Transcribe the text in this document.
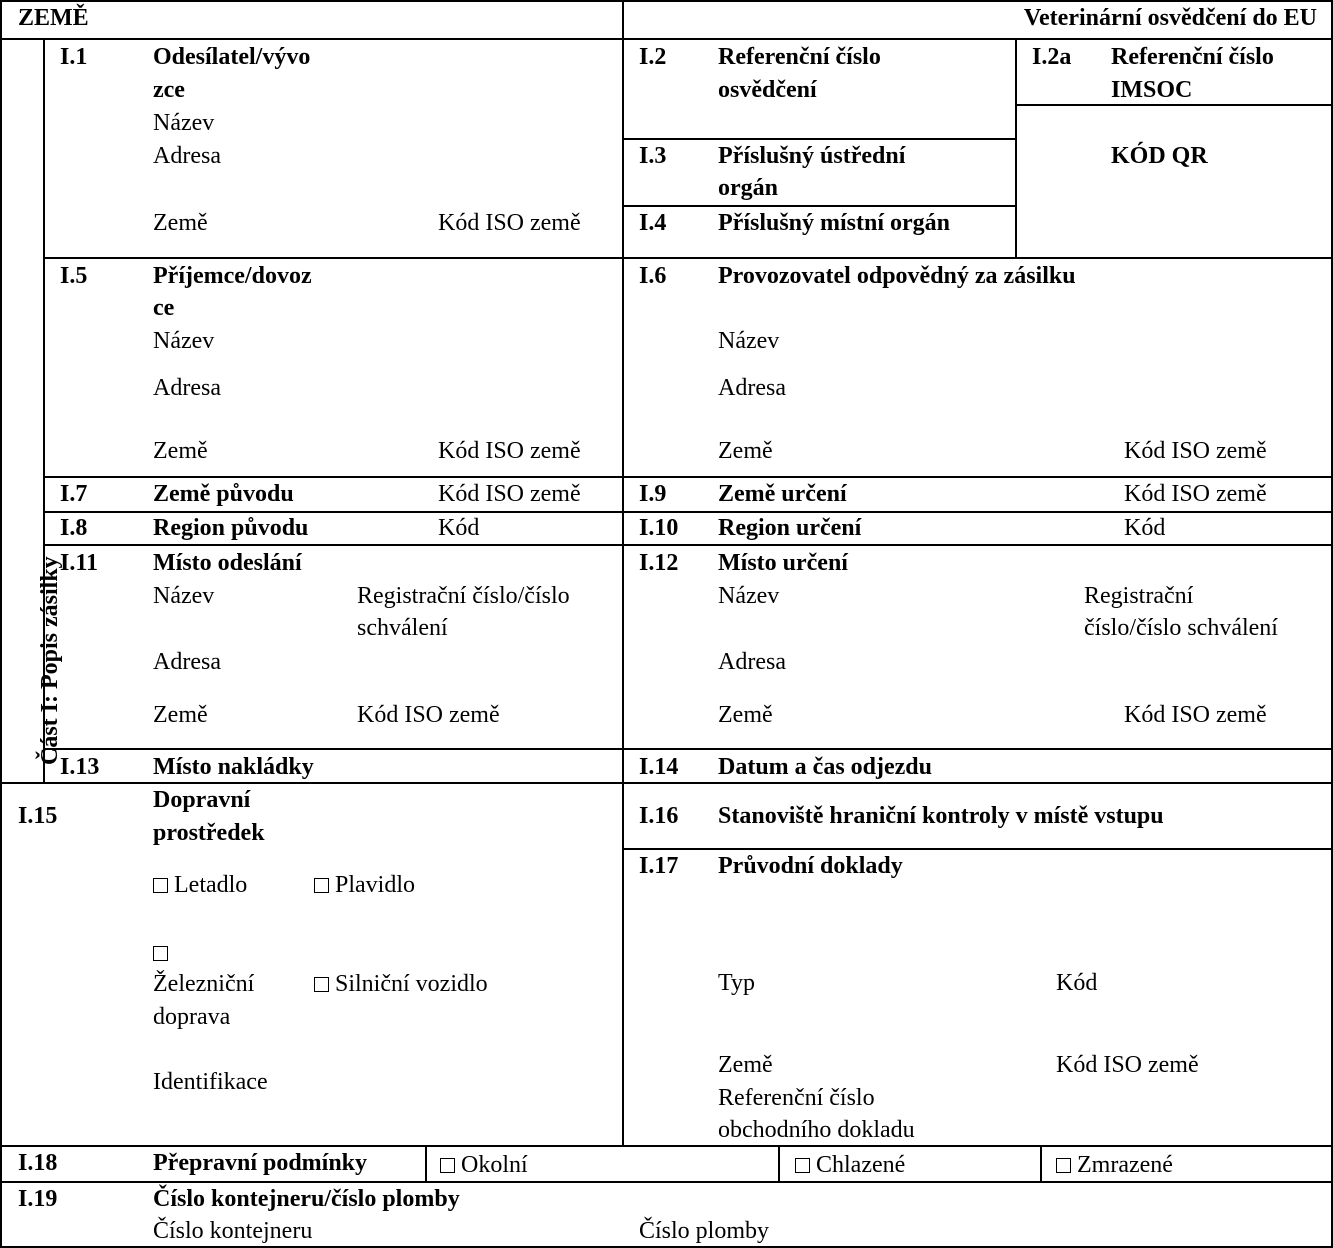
ZEMĚ	Veterinární osvědčení do EU
Část I: Popis zásilky
I.1	Odesílatel/vývo
zce
Název
Adresa
Země	Kód ISO země
I.2 Referenční číslo
osvědčení
I.2a Referenční číslo
IMSOC
KÓD QR
I.3 Příslušný ústřední
orgán
I.4 Příslušný místní orgán
I.5	Příjemce/dovoz
ce
Název
Adresa
Země	Kód ISO země
I.6 Provozovatel odpovědný za zásilku
Název
Adresa
Země	Kód ISO země
I.7	Země původu	Kód ISO země I.9 Země určení	Kód ISO země
I.8	Region původu	Kód	I.10 Region určení	Kód
I.11 Místo odeslání
Název	Registrační číslo/číslo schválení
Adresa
Země	Kód ISO země
I.12 Místo určení
Název	Registrační
číslo/číslo schválení
Adresa
Země	Kód ISO země
I.13 Místo nakládky	I.14 Datum a čas odjezdu
I.15
Dopravní
prostředek
Letadlo	Plavidlo
Železniční
doprava
Silniční vozidlo
Identifikace
I.16 Stanoviště hraniční kontroly v místě vstupu
I.17 Průvodní doklady
Typ	Kód
Země	Kód ISO země
Referenční číslo
obchodního dokladu
I.18	Přepravní podmínky	Okolní	Chlazené	Zmrazené
I.19	Číslo kontejneru/číslo plomby
Číslo kontejneru	Číslo plomby
